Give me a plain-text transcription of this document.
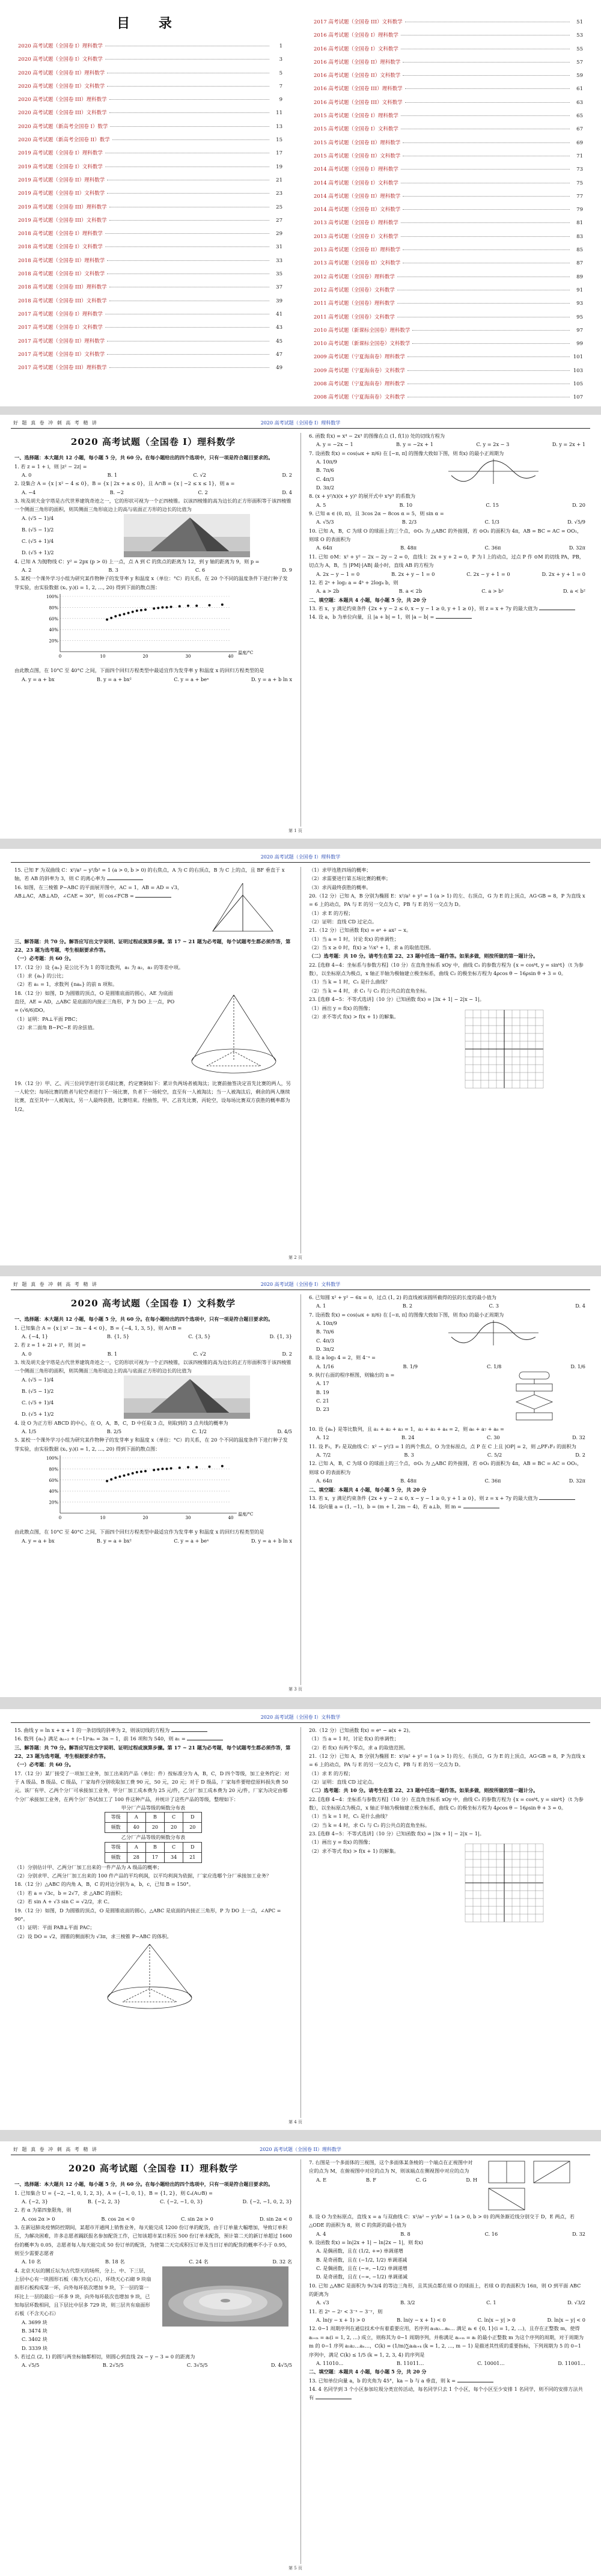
目 录
2020 高考试题（全国卷 I）理科数学	1
2020 高考试题（全国卷 I）文科数学	3
2020 高考试题（全国卷 II）理科数学	5
2020 高考试题（全国卷 II）文科数学	7
2020 高考试题（全国卷 III）理科数学	9
2020 高考试题（全国卷 III）文科数学	11
2020 高考试题（新高考全国卷 I）数学	13
2020 高考试题（新高考全国卷 II）数学	15
2019 高考试题（全国卷 I）理科数学	17
2019 高考试题（全国卷 I）文科数学	19
2019 高考试题（全国卷 II）理科数学	21
2019 高考试题（全国卷 II）文科数学	23
2019 高考试题（全国卷 III）理科数学	25
2019 高考试题（全国卷 III）文科数学	27
2018 高考试题（全国卷 I）理科数学	29
2018 高考试题（全国卷 I）文科数学	31
2018 高考试题（全国卷 II）理科数学	33
2018 高考试题（全国卷 II）文科数学	35
2018 高考试题（全国卷 III）理科数学	37
2018 高考试题（全国卷 III）文科数学	39
2017 高考试题（全国卷 I）理科数学	41
2017 高考试题（全国卷 I）文科数学	43
2017 高考试题（全国卷 II）理科数学	45
2017 高考试题（全国卷 II）文科数学	47
2017 高考试题（全国卷 III）理科数学	49
2017 高考试题（全国卷 III）文科数学	51
2016 高考试题（全国卷 I）理科数学	53
2016 高考试题（全国卷 I）文科数学	55
2016 高考试题（全国卷 II）理科数学	57
2016 高考试题（全国卷 II）文科数学	59
2016 高考试题（全国卷 III）理科数学	61
2016 高考试题（全国卷 III）文科数学	63
2015 高考试题（全国卷 I）理科数学	65
2015 高考试题（全国卷 I）文科数学	67
2015 高考试题（全国卷 II）理科数学	69
2015 高考试题（全国卷 II）文科数学	71
2014 高考试题（全国卷 I）理科数学	73
2014 高考试题（全国卷 I）文科数学	75
2014 高考试题（全国卷 II）理科数学	77
2014 高考试题（全国卷 II）文科数学	79
2013 高考试题（全国卷 I）理科数学	81
2013 高考试题（全国卷 I）文科数学	83
2013 高考试题（全国卷 II）理科数学	85
2013 高考试题（全国卷 II）文科数学	87
2012 高考试题（全国卷）理科数学	89
2012 高考试题（全国卷）文科数学	91
2011 高考试题（全国卷）理科数学	93
2011 高考试题（全国卷）文科数学	95
2010 高考试题（新课标全国卷）理科数学	97
2010 高考试题（新课标全国卷）文科数学	99
2009 高考试题（宁夏海南卷）理科数学	101
2009 高考试题（宁夏海南卷）文科数学	103
2008 高考试题（宁夏海南卷）理科数学	105
2008 高考试题（宁夏海南卷）文科数学	107
好 题 真 卷 冲 刺 高 考 精 讲	2020 高考试题（全国卷 I）理科数学
2020 高考试题（全国卷 I）理科数学

一、选择题：本大题共 12 小题，每小题 5 分，共 60 分。在每小题给出的四个选项中，只有一项是符合题目要求的。

1. 若 z = 1 + i，则 |z² − 2z| =

A. 0	B. 1	C. √2	D. 2

2. 设集合 A = {x | x² − 4 ≤ 0}，B = {x | 2x + a ≤ 0}，且 A∩B = {x | −2 ≤ x ≤ 1}，则 a =

A. −4	B. −2	C. 2	D. 4

3. 埃及胡夫金字塔是古代世界建筑奇迹之一，它的形状可视为一个正四棱锥。以该四棱锥的高为边长的正方形面积等于该四棱锥一个侧面三角形的面积，则其侧面三角形底边上的高与底面正方形的边长的比值为

A. (√5 − 1)/4
B. (√5 − 1)/2
C. (√5 + 1)/4
D. (√5 + 1)/2

4. 已知 A 为抛物线 C：y² = 2px (p > 0) 上一点，点 A 到 C 的焦点的距离为 12，到 y 轴的距离为 9，则 p =

A. 2	B. 3	C. 6	D. 9

5. 某校一个课外学习小组为研究某作物种子的发芽率 y 和温度 x（单位：°C）的关系，在 20 个不同的温度条件下进行种子发芽实验，由实验数据 (xᵢ, yᵢ)(i = 1, 2, …, 20) 得到下面的散点图：

100%
80%
60%
40%
20%
0	10	20	30	40
温度/°C

由此散点图，在 10°C 至 40°C 之间，下面四个回归方程类型中最适宜作为发芽率 y 和温度 x 的回归方程类型的是

A. y = a + bx	B. y = a + bx²	C. y = a + beˣ	D. y = a + b ln x

6. 函数 f(x) = x⁴ − 2x³ 的图像在点 (1, f(1)) 处的切线方程为

A. y = −2x − 1	B. y = −2x + 1	C. y = 2x − 3	D. y = 2x + 1

7. 设函数 f(x) = cos(ωx + π/6) 在 [−π, π] 的图像大致如下图，则 f(x) 的最小正周期为

A. 10π/9
B. 7π/6
C. 4π/3
D. 3π/2

8. (x + y²/x)(x + y)⁵ 的展开式中 x³y³ 的系数为

A. 5	B. 10	C. 15	D. 20

9. 已知 α ∈ (0, π)，且 3cos 2α − 8cos α = 5，则 sin α =

A. √5/3	B. 2/3	C. 1/3	D. √5/9

10. 已知 A，B，C 为球 O 的球面上的三个点，⊙O₁ 为 △ABC 的外接圆，若 ⊙O₁ 的面积为 4π，AB = BC = AC = OO₁，则球 O 的表面积为

A. 64π	B. 48π	C. 36π	D. 32π

11. 已知 ⊙M：x² + y² − 2x − 2y − 2 = 0，直线 l：2x + y + 2 = 0，P 为 l 上的动点，过点 P 作 ⊙M 的切线 PA，PB，切点为 A，B，当 |PM|·|AB| 最小时，直线 AB 的方程为

A. 2x − y − 1 = 0	B. 2x + y − 1 = 0	C. 2x − y + 1 = 0	D. 2x + y + 1 = 0

12. 若 2ᵃ + log₂ a = 4ᵇ + 2log₄ b，则

A. a > 2b	B. a < 2b	C. a > b²	D. a < b²

二、填空题：本题共 4 小题，每小题 5 分，共 20 分

13. 若 x，y 满足约束条件 {2x + y − 2 ≤ 0, x − y − 1 ≥ 0, y + 1 ≥ 0}，则 z = x + 7y 的最大值为

14. 设 a，b 为单位向量，且 |a + b| = 1，则 |a − b| =

第 1 页
2020 高考试题（全国卷 I）理科数学

15. 已知 F 为双曲线 C：x²/a² − y²/b² = 1 (a > 0, b > 0) 的右焦点，A 为 C 的右顶点，B 为 C 上的点，且 BF 垂直于 x 轴，若 AB 的斜率为 3，则 C 的离心率为

16. 如图，在三棱锥 P−ABC 的平面展开图中，AC = 1，AB = AD = √3，AB⊥AC，AB⊥AD，∠CAE = 30°，则 cos∠FCB =

三、解答题：共 70 分。解答应写出文字说明、证明过程或演算步骤。第 17 ~ 21 题为必考题，每个试题考生都必须作答，第 22、23 题为选考题，考生根据要求作答。

（一）必考题：共 60 分。

17.（12 分）设 {aₙ} 是公比不为 1 的等比数列，a₁ 为 a₂，a₃ 的等差中项。

（1）求 {aₙ} 的公比；

（2）若 a₁ = 1，求数列 {naₙ} 的前 n 项和。

18.（12 分）如图，D 为圆锥的顶点，O 是圆锥底面的圆心，AE 为底面直径，AE = AD，△ABC 是底面的内接正三角形，P 为 DO 上一点，PO = (√6/6)DO。

（1）证明：PA⊥平面 PBC；

（2）求二面角 B−PC−E 的余弦值。

19.（12 分）甲、乙、丙三位同学进行羽毛球比赛，约定赛制如下：累计负两场者被淘汰；比赛前抽签决定首先比赛的两人，另一人轮空；每场比赛的胜者与轮空者进行下一场比赛，负者下一场轮空，直至有一人被淘汰；当一人被淘汰后，剩余的两人继续比赛，直至其中一人被淘汰，另一人最终获胜，比赛结束。经抽签，甲、乙首先比赛，丙轮空，设每场比赛双方获胜的概率都为 1/2。

（1）求甲连胜四场的概率；

（2）求需要进行第五场比赛的概率；

（3）求丙最终获胜的概率。

20.（12 分）已知 A，B 分别为椭圆 E：x²/a² + y² = 1 (a > 1) 的左、右顶点，G 为 E 的上顶点，AG·GB = 8，P 为直线 x = 6 上的动点，PA 与 E 的另一交点为 C，PB 与 E 的另一交点为 D。

（1）求 E 的方程；

（2）证明：直线 CD 过定点。

21.（12 分）已知函数 f(x) = eˣ + ax² − x。

（1）当 a = 1 时，讨论 f(x) 的单调性；

（2）当 x ≥ 0 时，f(x) ≥ ½x³ + 1，求 a 的取值范围。

（二）选考题：共 10 分。请考生在第 22、23 题中任选一题作答。如果多做，则按所做的第一题计分。

22. [选修 4−4：坐标系与参数方程]（10 分）在直角坐标系 xOy 中，曲线 C₁ 的参数方程为 {x = cosᵏt, y = sinᵏt}（t 为参数），以坐标原点为极点，x 轴正半轴为极轴建立极坐标系，曲线 C₂ 的极坐标方程为 4ρcos θ − 16ρsin θ + 3 = 0。

（1）当 k = 1 时，C₁ 是什么曲线？

（2）当 k = 4 时，求 C₁ 与 C₂ 的公共点的直角坐标。

23. [选修 4−5：不等式选讲]（10 分）已知函数 f(x) = |3x + 1| − 2|x − 1|。

（1）画出 y = f(x) 的图像；

（2）求不等式 f(x) > f(x + 1) 的解集。

第 2 页
好 题 真 卷 冲 刺 高 考 精 讲	2020 高考试题（全国卷 I）文科数学
2020 高考试题（全国卷 I）文科数学

一、选择题：本大题共 12 小题，每小题 5 分，共 60 分。在每小题给出的四个选项中，只有一项是符合题目要求的。

1. 已知集合 A = {x | x² − 3x − 4 < 0}，B = {−4, 1, 3, 5}，则 A∩B =

A. {−4, 1}	B. {1, 5}	C. {3, 5}	D. {1, 3}

2. 若 z = 1 + 2i + i³，则 |z| =

A. 0	B. 1	C. √2	D. 2

3. 埃及胡夫金字塔是古代世界建筑奇迹之一，它的形状可视为一个正四棱锥，以该四棱锥的高为边长的正方形面积等于该四棱锥一个侧面三角形的面积，则其侧面三角形底边上的高与底面正方形的边长的比值为

A. (√5 − 1)/4
B. (√5 − 1)/2
C. (√5 + 1)/4
D. (√5 + 1)/2

4. 设 O 为正方形 ABCD 的中心，在 O，A，B，C，D 中任取 3 点，则取到的 3 点共线的概率为

A. 1/5	B. 2/5	C. 1/2	D. 4/5

5. 某校一个课外学习小组为研究某作物种子的发芽率 y 和温度 x（单位：°C）的关系，在 20 个不同的温度条件下进行种子发芽实验，由实验数据 (xᵢ, yᵢ)(i = 1, 2, …, 20) 得到下面的散点图：

100%
80%
60%
40%
20%
0	10	20	30	40
温度/°C

由此散点图，在 10°C 至 40°C 之间，下面四个回归方程类型中最适宜作为发芽率 y 和温度 x 的回归方程类型的是

A. y = a + bx	B. y = a + bx²	C. y = a + beˣ	D. y = a + b ln x

6. 已知圆 x² + y² − 6x = 0，过点 (1, 2) 的直线被该圆所截得的弦的长度的最小值为

A. 1	B. 2	C. 3	D. 4

7. 设函数 f(x) = cos(ωx + π/6) 在 [−π, π] 的图像大致如下图，则 f(x) 的最小正周期为

A. 10π/9
B. 7π/6
C. 4π/3
D. 3π/2

8. 设 a log₃ 4 = 2，则 4⁻ᵃ =

A. 1/16	B. 1/9	C. 1/8	D. 1/6

9. 执行右面的程序框图，则输出的 n =

A. 17
B. 19
C. 21
D. 23

10. 设 {aₙ} 是等比数列，且 a₁ + a₂ + a₃ = 1，a₂ + a₃ + a₄ = 2，则 a₆ + a₇ + a₈ =

A. 12	B. 24	C. 30	D. 32

11. 设 F₁，F₂ 是双曲线 C：x² − y²/3 = 1 的两个焦点，O 为坐标原点，点 P 在 C 上且 |OP| = 2，则 △PF₁F₂ 的面积为

A. 7/2	B. 3	C. 5/2	D. 2

12. 已知 A，B，C 为球 O 的球面上的三个点，⊙O₁ 为 △ABC 的外接圆，若 ⊙O₁ 的面积为 4π，AB = BC = AC = OO₁，则球 O 的表面积为

A. 64π	B. 48π	C. 36π	D. 32π

二、填空题：本题共 4 小题，每小题 5 分，共 20 分

13. 若 x，y 满足约束条件 {2x + y − 2 ≤ 0, x − y − 1 ≥ 0, y + 1 ≥ 0}，则 z = x + 7y 的最大值为

14. 设向量 a = (1, −1)，b = (m + 1, 2m − 4)，若 a⊥b，则 m =

第 3 页
2020 高考试题（全国卷 I）文科数学

15. 曲线 y = ln x + x + 1 的一条切线的斜率为 2，则该切线的方程为

16. 数列 {aₙ} 满足 aₙ₊₂ + (−1)ⁿaₙ = 3n − 1，前 16 项和为 540，则 a₁ =

三、解答题：共 70 分。解答应写出文字说明、证明过程或演算步骤。第 17 ~ 21 题为必考题，每个试题考生都必须作答，第 22、23 题为选考题，考生根据要求作答。

（一）必考题：共 60 分。

17.（12 分）某厂接受了一项加工业务，加工出来的产品（单位：件）按标准分为 A，B，C，D 四个等级，加工业务约定：对于 A 级品、B 级品、C 级品，厂家每件分别收取加工费 90 元，50 元，20 元；对于 D 级品，厂家每件要赔偿原料损失费 50 元。该厂有甲、乙两个分厂可承接加工业务，甲分厂加工成本费为 25 元/件，乙分厂加工成本费为 20 元/件，厂家为决定由哪个分厂承接加工业务，在两个分厂各试加工了 100 件这种产品，并统计了这些产品的等级，整理如下：

甲分厂产品等级的频数分布表
等级	A	B	C	D
频数	40	20	20	20
乙分厂产品等级的频数分布表
等级	A	B	C	D
频数	28	17	34	21

（1）分别估计甲、乙两分厂加工出来的一件产品为 A 级品的概率；

（2）分别求甲、乙两分厂加工出来的 100 件产品的平均利润，以平均利润为依据，厂家应选哪个分厂承接加工业务？

18.（12 分）△ABC 的内角 A，B，C 的对边分别为 a，b，c，已知 B = 150°。

（1）若 a = √3c，b = 2√7，求 △ABC 的面积；

（2）若 sin A + √3 sin C = √2/2，求 C。

19.（12 分）如图，D 为圆锥的顶点，O 是圆锥底面的圆心，△ABC 是底面的内接正三角形，P 为 DO 上一点，∠APC = 90°。

（1）证明：平面 PAB⊥平面 PAC；

（2）设 DO = √2，圆锥的侧面积为 √3π，求三棱锥 P−ABC 的体积。

20.（12 分）已知函数 f(x) = eˣ − a(x + 2)。

（1）当 a = 1 时，讨论 f(x) 的单调性；

（2）若 f(x) 有两个零点，求 a 的取值范围。

21.（12 分）已知 A，B 分别为椭圆 E：x²/a² + y² = 1 (a > 1) 的左、右顶点，G 为 E 的上顶点，AG·GB = 8，P 为直线 x = 6 上的动点，PA 与 E 的另一交点为 C，PB 与 E 的另一交点为 D。

（1）求 E 的方程；

（2）证明：直线 CD 过定点。

（二）选考题：共 10 分。请考生在第 22、23 题中任选一题作答。如果多做，则按所做的第一题计分。

22. [选修 4−4：坐标系与参数方程]（10 分）在直角坐标系 xOy 中，曲线 C₁ 的参数方程为 {x = cosᵏt, y = sinᵏt}（t 为参数），以坐标原点为极点，x 轴正半轴为极轴建立极坐标系，曲线 C₂ 的极坐标方程为 4ρcos θ − 16ρsin θ + 3 = 0。

（1）当 k = 1 时，C₁ 是什么曲线？

（2）当 k = 4 时，求 C₁ 与 C₂ 的公共点的直角坐标。

23. [选修 4−5：不等式选讲]（10 分）已知函数 f(x) = |3x + 1| − 2|x − 1|。

（1）画出 y = f(x) 的图像；

（2）求不等式 f(x) > f(x + 1) 的解集。

第 4 页
好 题 真 卷 冲 刺 高 考 精 讲	2020 高考试题（全国卷 II）理科数学
2020 高考试题（全国卷 II）理科数学

一、选择题：本大题共 12 小题，每小题 5 分，共 60 分。在每小题给出的四个选项中，只有一项是符合题目要求的。

1. 已知集合 U = {−2, −1, 0, 1, 2, 3}，A = {−1, 0, 1}，B = {1, 2}，则 ∁ᵤ(A∪B) =

A. {−2, 3}	B. {−2, 2, 3}	C. {−2, −1, 0, 3}	D. {−2, −1, 0, 2, 3}

2. 若 α 为第四象限角，则

A. cos 2α > 0	B. cos 2α < 0	C. sin 2α > 0	D. sin 2α < 0

3. 在新冠肺炎疫情防控期间，某超市开通网上销售业务，每天能完成 1200 份订单的配货，由于订单量大幅增加，导致订单积压，为解决困难，许多志愿者踊跃报名参加配货工作，已知该超市某日积压 500 份订单未配货，预计第二天的新订单超过 1600 份的概率为 0.05，志愿者每人每天能完成 50 份订单的配货，为使第二天完成积压订单及当日订单的配货的概率不小于 0.95，则至少需要志愿者

A. 10 名	B. 18 名	C. 24 名	D. 32 名

4. 北京天坛的圜丘坛为古代祭天的场所，分上、中、下三层，上层中心有一块圆形石板（称为天心石），环绕天心石砌 9 块扇面形石板构成第一环，向外每环依次增加 9 块，下一层的第一环比上一层的最后一环多 9 块，向外每环依次也增加 9 块，已知每层环数相同，且下层比中层多 729 块，则三层共有扇面形石板（不含天心石）

A. 3699 块
B. 3474 块
C. 3402 块
D. 3339 块

5. 若过点 (2, 1) 的圆与两坐标轴都相切，则圆心到直线 2x − y − 3 = 0 的距离为

A. √5/5	B. 2√5/5	C. 3√5/5	D. 4√5/5

7. 右图是一个多面体的三视图，这个多面体某条棱的一个端点在正视图中对应的点为 M，在俯视图中对应的点为 N，则该端点在侧视图中对应的点为

A. E	B. F	C. G	D. H

8. 设 O 为坐标原点，直线 x = a 与双曲线 C：x²/a² − y²/b² = 1 (a > 0, b > 0) 的两条渐近线分别交于 D，E 两点，若 △ODE 的面积为 8，则 C 的焦距的最小值为

A. 4	B. 8	C. 16	D. 32

9. 设函数 f(x) = ln|2x + 1| − ln|2x − 1|，则 f(x)

A. 是偶函数，且在 (1/2, +∞) 单调递增
B. 是奇函数，且在 (−1/2, 1/2) 单调递减
C. 是偶函数，且在 (−∞, −1/2) 单调递增
D. 是奇函数，且在 (−∞, −1/2) 单调递减

10. 已知 △ABC 是面积为 9√3/4 的等边三角形，且其顶点都在球 O 的球面上，若球 O 的表面积为 16π，则 O 到平面 ABC 的距离为

A. √3	B. 3/2	C. 1	D. √3/2

11. 若 2ˣ − 2ʸ < 3⁻ˣ − 3⁻ʸ，则

A. ln(y − x + 1) > 0	B. ln(y − x + 1) < 0	C. ln|x − y| > 0	D. ln|x − y| < 0

12. 0−1 周期序列在通信技术中有着重要应用，若序列 a₁a₂…aₙ… 满足 aᵢ ∈ {0, 1}(i = 1, 2, …)，且存在正整数 m，使得 aᵢ₊ₘ = aᵢ(i = 1, 2, …) 成立，则称其为 0−1 周期序列，并称满足 aᵢ₊ₘ = aᵢ 的最小正整数 m 为这个序列的周期，对于周期为 m 的 0−1 序列 a₁a₂…aₙ…，C(k) = (1/m)∑aᵢaᵢ₊ₖ (k = 1, 2, …, m − 1) 是描述其性质的重要指标，下列周期为 5 的 0−1 序列中，满足 C(k) ≤ 1/5 (k = 1, 2, 3, 4) 的序列是

A. 11010…	B. 11011…	C. 10001…	D. 11001…

二、填空题：本题共 4 小题，每小题 5 分，共 20 分

13. 已知单位向量 a，b 的夹角为 45°，ka − b 与 a 垂直，则 k =

14. 4 名同学到 3 个小区参加垃圾分类宣传活动，每名同学只去 1 个小区，每个小区至少安排 1 名同学，则不同的安排方法共有

第 5 页
